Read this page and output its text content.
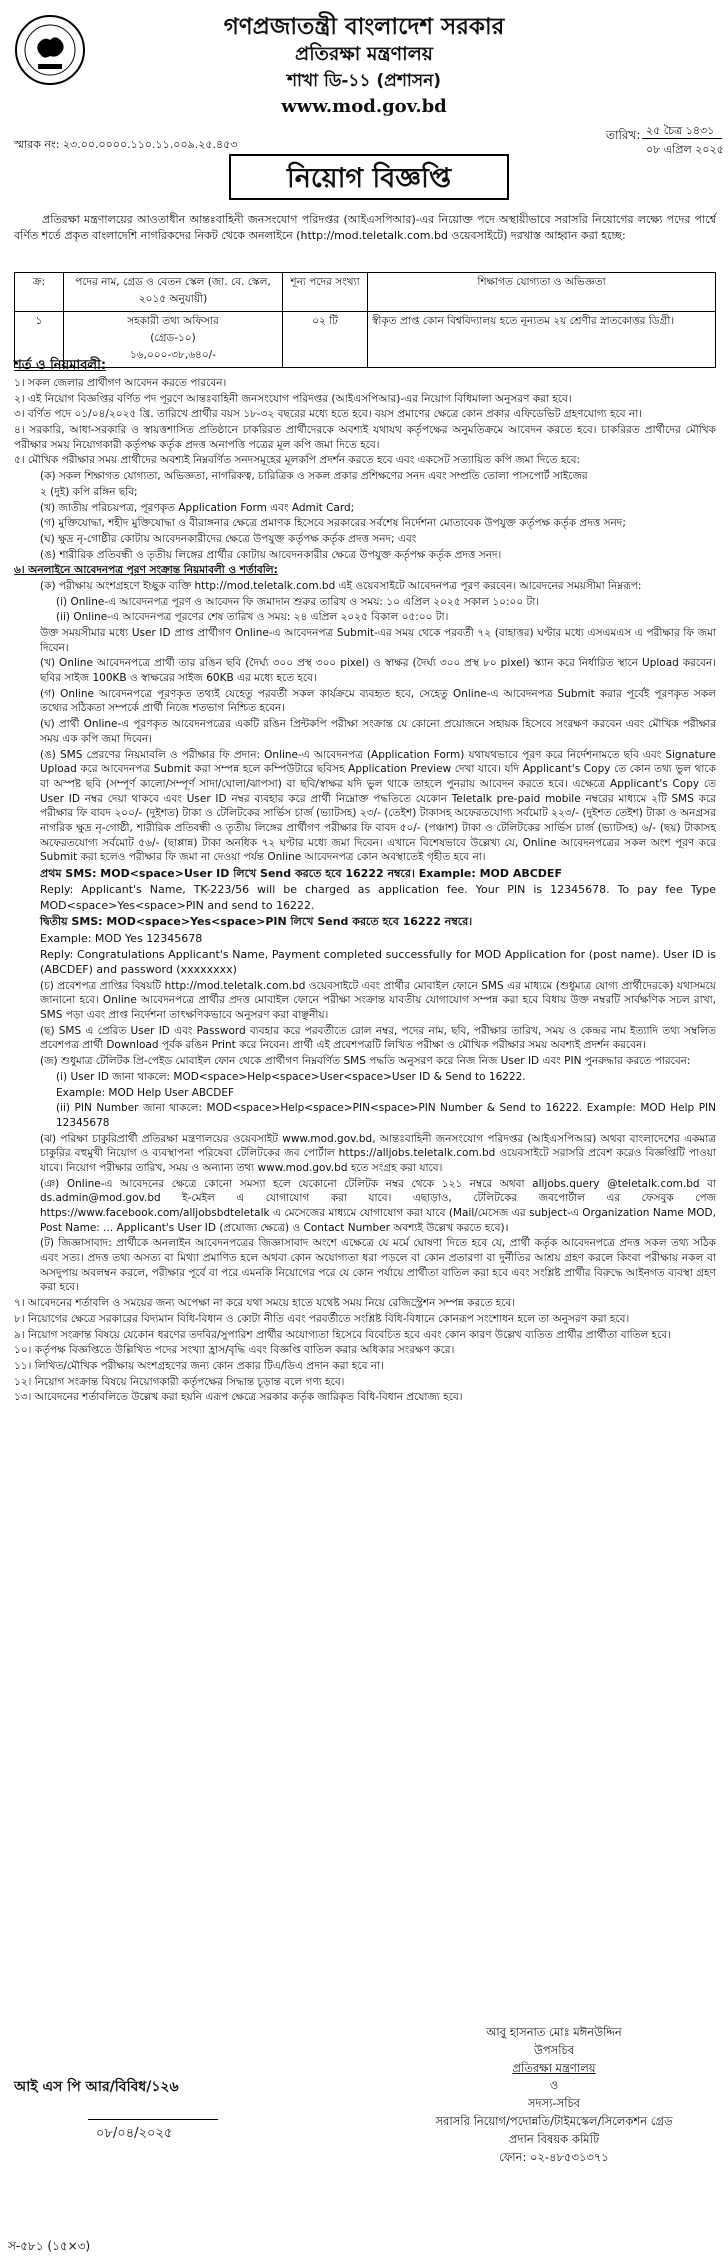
গণপ্রজাতন্ত্রী বাংলাদেশ সরকার
প্রতিরক্ষা মন্ত্রণালয়
শাখা ডি-১১ (প্রশাসন)
www.mod.gov.bd
স্মারক নং: ২৩.০০.০০০০.১১০.১১.০০৯.২৫.৪৫৩
তারিখ: ২৫ চৈত্র ১৪৩১
০৮ এপ্রিল ২০২৫
নিয়োগ বিজ্ঞপ্তি
প্রতিরক্ষা মন্ত্রণালয়ের আওতাধীন আন্তঃবাহিনী জনসংযোগ পরিদপ্তর (আইএসপিআর)-এর নিয়োক্ত পদে অস্থায়ীভাবে সরাসরি নিয়োগের লক্ষ্যে পদের পার্শ্বে বর্ণিত শর্তে প্রকৃত বাংলাদেশি নাগরিকদের নিকট থেকে অনলাইনে (http://mod.teletalk.com.bd ওয়েবসাইটে) দরখাস্ত আহ্বান করা হচ্ছে:
ক্র:	পদের নাম, গ্রেড ও বেতন স্কেল (জা. বে. স্কেল, ২০১৫ অনুযায়ী)	শূন্য পদের সংখ্যা	শিক্ষাগত যোগ্যতা ও অভিজ্ঞতা
১	সহকারী তথ্য অফিসার
(গ্রেড-১০)
১৬,০০০-৩৮,৬৪০/-	০২ টি	স্বীকৃত প্রাপ্ত কোন বিশ্ববিদ্যালয় হতে নূন্যতম ২য় শ্রেণীর স্নাতকোত্তর ডিগ্রী।
শর্ত ও নিয়মাবলী:

১। সকল জেলার প্রার্থীগণ আবেদন করতে পারবেন।

২। এই নিয়োগ বিজ্ঞপ্তির বর্ণিত পদ পূরণে আন্তঃবাহিনী জনসংযোগ পরিদপ্তর (আইএসপিআর)-এর নিয়োগ বিধিমালা অনুসরণ করা হবে।

৩। বর্ণিত পদে ০১/০৪/২০২৫ খ্রি. তারিখে প্রার্থীর বয়স ১৮-৩২ বছরের মধ্যে হতে হবে। বয়স প্রমাণের ক্ষেত্রে কোন প্রকার এফিডেভিট গ্রহণযোগ্য হবে না।

৪। সরকারি, আধা-সরকারি ও স্বায়ত্তশাসিত প্রতিষ্ঠানে চাকরিরত প্রার্থীদেরকে অবশ্যই যথাযথ কর্তৃপক্ষের অনুমতিক্রমে আবেদন করতে হবে। চাকরিরত প্রার্থীদের মৌখিক পরীক্ষার সময় নিয়োগকারী কর্তৃপক্ষ কর্তৃক প্রদত্ত অনাপত্তি পত্রের মূল কপি জমা দিতে হবে।

৫। মৌখিক পরীক্ষার সময় প্রার্থীদের অবশ্যই নিম্নবর্ণিত সনদসমূহের মূলকপি প্রদর্শন করতে হবে এবং একসেট সত্যায়িত কপি জমা দিতে হবে:

(ক) সকল শিক্ষাগত যোগ্যতা, অভিজ্ঞতা, নাগরিকত্ব, চারিত্রিক ও সকল প্রকার প্রশিক্ষণের সনদ এবং সম্প্রতি তোলা পাসপোর্ট সাইজের

২ (দুই) কপি রঙ্গিন ছবি;

(খ) জাতীয় পরিচয়পত্র, পূরণকৃত Application Form এবং Admit Card;

(গ) মুক্তিযোদ্ধা, শহীদ মুক্তিযোদ্ধা ও বীরাঙ্গনার ক্ষেত্রে প্রমাণক হিসেবে সরকারের সর্বশেষ নির্দেশনা মোতাবেক উপযুক্ত কর্তৃপক্ষ কর্তৃক প্রদত্ত সনদ;

(ঘ) ক্ষুদ্র নৃ-গোষ্ঠীর কোটায় আবেদনকারীদের ক্ষেত্রে উপযুক্ত কর্তৃপক্ষ কর্তৃক প্রদত্ত সনদ; এবং

(ঙ) শারীরিক প্রতিবন্ধী ও তৃতীয় লিঙ্গের প্রার্থীর কোটায় আবেদনকারীর ক্ষেত্রে উপযুক্ত কর্তৃপক্ষ কর্তৃক প্রদত্ত সনদ।

৬। অনলাইনে আবেদনপত্র পূরণ সংক্রান্ত নিয়মাবলী ও শর্তাবলি:

(ক) পরীক্ষায় অংশগ্রহণে ইচ্ছুক ব্যক্তি http://mod.teletalk.com.bd এই ওয়েবসাইটে আবেদনপত্র পূরণ করবেন। আবেদনের সময়সীমা নিম্নরূপ:

(i) Online-এ আবেদনপত্র পূরণ ও আবেদন ফি জমাদান শুরুর তারিখ ও সময়: ১০ এপ্রিল ২০২৫ সকাল ১০:০০ টা।

(ii) Online-এ আবেদনপত্র পূরণের শেষ তারিখ ও সময়: ২৪ এপ্রিল ২০২৫ বিকাল ০৫:০০ টা।

উক্ত সময়সীমার মধ্যে User ID প্রাপ্ত প্রার্থীগণ Online-এ আবেদনপত্র Submit-এর সময় থেকে পরবর্তী ৭২ (বাহাত্তর) ঘণ্টার মধ্যে এসএমএস এ পরীক্ষার ফি জমা দিবেন।

(খ) Online আবেদনপত্রে প্রার্থী তার রঙিন ছবি (দৈর্ঘ্য ৩০০ প্রস্থ ৩০০ pixel) ও স্বাক্ষর (দৈর্ঘ্য ৩০০ প্রস্থ ৮০ pixel) স্ক্যান করে নির্ধারিত স্থানে Upload করবেন। ছবির সাইজ 100KB ও স্বাক্ষরের সাইজ 60KB এর মধ্যে হতে হবে।

(গ) Online আবেদনপত্রে পূরণকৃত তথ্যই যেহেতু পরবর্তী সকল কার্যক্রমে ব্যবহৃত হবে, সেহেতু Online-এ আবেদনপত্র Submit করার পূর্বেই পূরণকৃত সকল তথ্যের সঠিকতা সম্পর্কে প্রার্থী নিজে শতভাগ নিশ্চিত হবেন।

(ঘ) প্রার্থী Online-এ পূরণকৃত আবেদনপত্রের একটি রঙিন প্রিন্টকপি পরীক্ষা সংক্রান্ত যে কোনো প্রয়োজনে সহায়ক হিসেবে সংরক্ষণ করবেন এবং মৌখিক পরীক্ষার সময় এক কপি জমা দিবেন।

(ঙ) SMS প্রেরণের নিয়মাবলি ও পরীক্ষার ফি প্রদান: Online-এ আবেদনপত্র (Application Form) যথাযথভাবে পূরণ করে নির্দেশনামতে ছবি এবং Signature Upload করে আবেদনপত্র Submit করা সম্পন্ন হলে কম্পিউটারে ছবিসহ Application Preview দেখা যাবে। যদি Applicant's Copy তে কোন তথ্য ভুল থাকে বা অস্পষ্ট ছবি (সম্পূর্ণ কালো/সম্পূর্ণ সাদা/ঘোলা/ঝাপসা) বা ছবি/স্বাক্ষর যদি ভুল থাকে তাহলে পুনরায় আবেদন করতে হবে। এক্ষেত্রে Applicant's Copy তে User ID নম্বর দেয়া থাকবে এবং User ID নম্বর ব্যবহার করে প্রার্থী নিম্নোক্ত পদ্ধতিতে যেকোন Teletalk pre-paid mobile নম্বরের মাধ্যমে ২টি SMS করে পরীক্ষার ফি বাবদ ২০০/- (দুইশত) টাকা ও টেলিটকের সার্ভিস চার্জ (ভ্যাটসহ) ২৩/- (তেইশ) টাকাসহ অফেরতযোগ্য সর্বমোট ২২৩/- (দুইশত তেইশ) টাকা ও অনগ্রসর নাগরিক ক্ষুদ্র নৃ-গোষ্ঠী, শারীরিক প্রতিবন্ধী ও তৃতীয় লিঙ্গের প্রার্থীগণ পরীক্ষার ফি বাবদ ৫০/- (পঞ্চাশ) টাকা ও টেলিটকের সার্ভিস চার্জ (ভ্যাটসহ) ৬/- (ছয়) টাকাসহ অফেরতযোগ্য সর্বমোট ৫৬/- (ছাপ্পান্ন) টাকা অনধিক ৭২ ঘণ্টার মধ্যে জমা দিবেন। এখানে বিশেষভাবে উল্লেখ্য যে, Online আবেদনপত্রের সকল অংশ পূরণ করে Submit করা হলেও পরীক্ষার ফি জমা না দেওয়া পর্যন্ত Online আবেদনপত্র কোন অবস্থাতেই গৃহীত হবে না।

প্রথম SMS: MOD<space>User ID লিখে Send করতে হবে 16222 নম্বরে। Example: MOD ABCDEF

Reply: Applicant's Name, TK-223/56 will be charged as application fee. Your PIN is 12345678. To pay fee Type MOD<space>Yes<space>PIN and send to 16222.

দ্বিতীয় SMS: MOD<space>Yes<space>PIN লিখে Send করতে হবে 16222 নম্বরে।

Example: MOD Yes 12345678

Reply: Congratulations Applicant's Name, Payment completed successfully for MOD Application for (post name). User ID is (ABCDEF) and password (xxxxxxxx)

(চ) প্রবেশপত্র প্রাপ্তির বিষয়টি http://mod.teletalk.com.bd ওয়েবসাইটে এবং প্রার্থীর মোবাইল ফোনে SMS এর মাধ্যমে (শুধুমাত্র যোগ্য প্রার্থীদেরকে) যথাসময়ে জানানো হবে। Online আবেদনপত্রে প্রার্থীর প্রদত্ত মোবাইল ফোনে পরীক্ষা সংক্রান্ত যাবতীয় যোগাযোগ সম্পন্ন করা হবে বিধায় উক্ত নম্বরটি সার্বক্ষণিক সচল রাখা, SMS পড়া এবং প্রাপ্ত নির্দেশনা তাৎক্ষণিকভাবে অনুসরণ করা বাঞ্ছনীয়।

(ছ) SMS এ প্রেরিত User ID এবং Password ব্যবহার করে পরবর্তীতে রোল নম্বর, পদের নাম, ছবি, পরীক্ষার তারিখ, সময় ও কেন্দ্রর নাম ইত্যাদি তথ্য সম্বলিত প্রবেশপত্র প্রার্থী Download পূর্বক রঙিন Print করে নিবেন। প্রার্থী এই প্রবেশপত্রটি লিখিত পরীক্ষা ও মৌখিক পরীক্ষার সময় অবশ্যই প্রদর্শন করবেন।

(জ) শুধুমাত্র টেলিটক প্রি-পেইড মোবাইল ফোন থেকে প্রার্থীগণ নিম্নবর্ণিত SMS পদ্ধতি অনুসরণ করে নিজ নিজ User ID এবং PIN পুনরুদ্ধার করতে পারবেন:

(i) User ID জানা থাকলে: MOD<space>Help<space>User<space>User ID & Send to 16222.

Example: MOD Help User ABCDEF

(ii) PIN Number জানা থাকলে: MOD<space>Help<space>PIN<space>PIN Number & Send to 16222. Example: MOD Help PIN 12345678

(ঝ) পরিক্ষা চাকুরিপ্রার্থী প্রতিরক্ষা মন্ত্রণালয়ের ওয়েবসাইট www.mod.gov.bd, আন্তঃবাহিনী জনসংযোগ পরিদপ্তর (আইএসপিআর) অথবা বাংলাদেশের একমাত্র চাকুরির বহুমুখী নিয়োগ ও ব্যবস্থাপনা পরিষেবা টেলিটকের জব পোর্টাল https://alljobs.teletalk.com.bd ওয়েবসাইটে সরাসরি প্রবেশ করেও বিজ্ঞপ্তিটি পাওয়া যাবে। নিয়োগ পরীক্ষার তারিখ, সময় ও অন্যান্য তথ্য www.mod.gov.bd হতে সংগ্রহ করা যাবে।

(ঞ) Online-এ আবেদনের ক্ষেত্রে কোনো সমস্যা হলে যেকোনো টেলিটক নম্বর থেকে ১২১ নম্বরে অথবা alljobs.query @teletalk.com.bd বা ds.admin@mod.gov.bd ই-মেইল এ যোগাযোগ করা যাবে। এছাড়াও, টেলিটকের জবপোর্টাল এর ফেসবুক পেজ https://www.facebook.com/alljobsbdteletalk এ মেসেজের মাধ্যমে যোগাযোগ করা যাবে (Mail/মেসেজ এর subject-এ Organization Name MOD, Post Name: ... Applicant's User ID (প্রযোজ্য ক্ষেত্রে) ও Contact Number অবশ্যই উল্লেখ করতে হবে)।

(ট) জিজ্ঞাসাবাদ: প্রার্থীকে অনলাইন আবেদনপত্রের জিজ্ঞাসাবাদ অংশে এক্ষেত্রে যে মর্মে ঘোষণা দিতে হবে যে, প্রার্থী কর্তৃক আবেদনপত্রে প্রদত্ত সকল তথ্য সঠিক এবং সত্য। প্রদত্ত তথ্য অসত্য বা মিথ্যা প্রমাণিত হলে অথবা কোন অযোগ্যতা ধরা পড়লে বা কোন প্রতারণা বা দুর্নীতির আশ্রয় গ্রহণ করলে কিংবা পরীক্ষায় নকল বা অসদুপায় অবলম্বন করলে, পরীক্ষার পূর্বে বা পরে এমনকি নিয়োগের পরে যে কোন পর্যায়ে প্রার্থীতা বাতিল করা হবে এবং সংশ্লিষ্ট প্রার্থীর বিরুদ্ধে আইনগত ব্যবস্থা গ্রহণ করা হবে।

৭। আবেদনের শর্তাবলি ও সময়ের জন্য অপেক্ষা না করে যথা সময়ে হাতে যথেষ্ট সময় নিয়ে রেজিস্ট্রেশন সম্পন্ন করতে হবে।

৮। নিয়োগের ক্ষেত্রে সরকারের বিদ্যমান বিধি-বিধান ও কোটা নীতি এবং পরবর্তীতে সংশ্লিষ্ট বিধি-বিধানে কোনরূপ সংশোধন হলে তা অনুসরণ করা হবে।

৯। নিয়োগ সংক্রান্ত বিষয়ে যেকোন ধরণের তদবির/সুপারিশ প্রার্থীর অযোগ্যতা হিসেবে বিবেচিত হবে এবং কোন কারণ উল্লেখ ব্যতিত প্রার্থীর প্রার্থীতা বাতিল হবে।

১০। কর্তৃপক্ষ বিজ্ঞপ্তিতে উল্লিখিত পদের সংখ্যা হ্রাস/বৃদ্ধি এবং বিজ্ঞপ্তি বাতিল করার অধিকার সংরক্ষণ করে।

১১। লিখিত/মৌখিক পরীক্ষায় অংশগ্রহণের জন্য কোন প্রকার টিএ/ডিএ প্রদান করা হবে না।

১২। নিয়োগ সংক্রান্ত বিষয়ে নিয়োগকারী কর্তৃপক্ষের সিদ্ধান্ত চূড়ান্ত বলে গণ্য হবে।

১৩। আবেদনের শর্তাবলিতে উল্লেখ করা হয়নি এরূপ ক্ষেত্রে সরকার কর্তৃক জারিকৃত বিধি-বিধান প্রযোজ্য হবে।

আবু হাসনাত মোঃ মঈনউদ্দিন
উপসচিব
প্রতিরক্ষা মন্ত্রণালয়
ও
সদস্য-সচিব
সরাসরি নিয়োগ/পদোন্নতি/টাইমস্কেল/সিলেকশন গ্রেড
প্রদান বিষয়ক কমিটি
ফোন: ০২-৪৮৫৩১৩৭১
আই এস পি আর/বিবিধ/১২৬
০৮/০৪/২০২৫
স-৫৮১ (১৫×৩)
